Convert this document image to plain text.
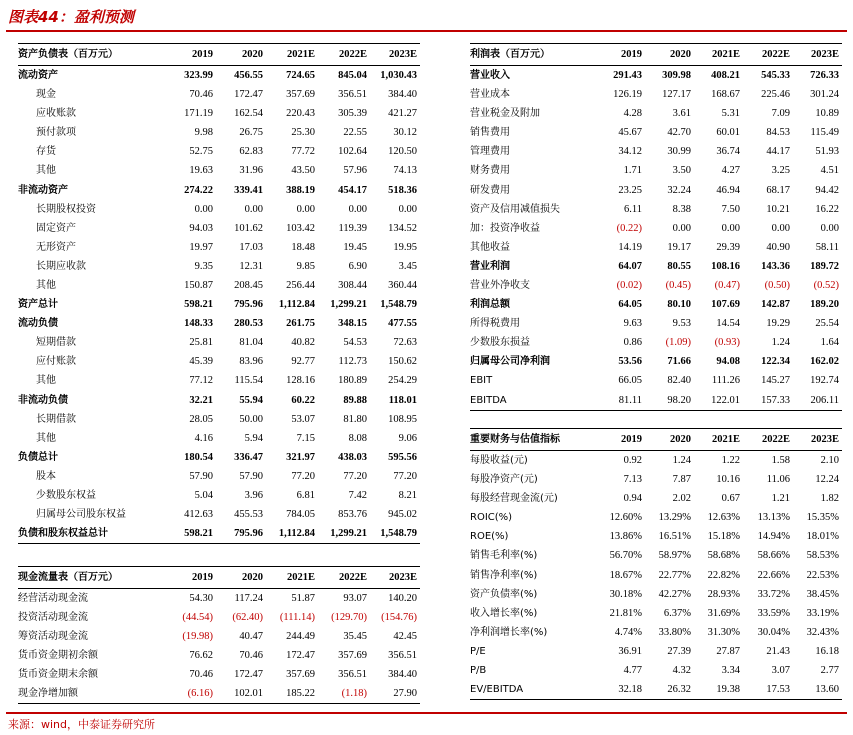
图表44：盈利预测
资产负债表（百万元）	2019	2020	2021E	2022E	2023E
流动资产	323.99	456.55	724.65	845.04	1,030.43
现金	70.46	172.47	357.69	356.51	384.40
应收账款	171.19	162.54	220.43	305.39	421.27
预付款项	9.98	26.75	25.30	22.55	30.12
存货	52.75	62.83	77.72	102.64	120.50
其他	19.63	31.96	43.50	57.96	74.13
非流动资产	274.22	339.41	388.19	454.17	518.36
长期股权投资	0.00	0.00	0.00	0.00	0.00
固定资产	94.03	101.62	103.42	119.39	134.52
无形资产	19.97	17.03	18.48	19.45	19.95
长期应收款	9.35	12.31	9.85	6.90	3.45
其他	150.87	208.45	256.44	308.44	360.44
资产总计	598.21	795.96	1,112.84	1,299.21	1,548.79
流动负债	148.33	280.53	261.75	348.15	477.55
短期借款	25.81	81.04	40.82	54.53	72.63
应付账款	45.39	83.96	92.77	112.73	150.62
其他	77.12	115.54	128.16	180.89	254.29
非流动负债	32.21	55.94	60.22	89.88	118.01
长期借款	28.05	50.00	53.07	81.80	108.95
其他	4.16	5.94	7.15	8.08	9.06
负债总计	180.54	336.47	321.97	438.03	595.56
股本	57.90	57.90	77.20	77.20	77.20
少数股东权益	5.04	3.96	6.81	7.42	8.21
归属母公司股东权益	412.63	455.53	784.05	853.76	945.02
负债和股东权益总计	598.21	795.96	1,112.84	1,299.21	1,548.79
现金流量表（百万元）	2019	2020	2021E	2022E	2023E
经营活动现金流	54.30	117.24	51.87	93.07	140.20
投资活动现金流	(44.54)	(62.40)	(111.14)	(129.70)	(154.76)
筹资活动现金流	(19.98)	40.47	244.49	35.45	42.45
货币资金期初余额	76.62	70.46	172.47	357.69	356.51
货币资金期末余额	70.46	172.47	357.69	356.51	384.40
现金净增加额	(6.16)	102.01	185.22	(1.18)	27.90
利润表（百万元）	2019	2020	2021E	2022E	2023E
营业收入	291.43	309.98	408.21	545.33	726.33
营业成本	126.19	127.17	168.67	225.46	301.24
营业税金及附加	4.28	3.61	5.31	7.09	10.89
销售费用	45.67	42.70	60.01	84.53	115.49
管理费用	34.12	30.99	36.74	44.17	51.93
财务费用	1.71	3.50	4.27	3.25	4.51
研发费用	23.25	32.24	46.94	68.17	94.42
资产及信用减值损失	6.11	8.38	7.50	10.21	16.22
加：投资净收益	(0.22)	0.00	0.00	0.00	0.00
其他收益	14.19	19.17	29.39	40.90	58.11
营业利润	64.07	80.55	108.16	143.36	189.72
营业外净收支	(0.02)	(0.45)	(0.47)	(0.50)	(0.52)
利润总额	64.05	80.10	107.69	142.87	189.20
所得税费用	9.63	9.53	14.54	19.29	25.54
少数股东损益	0.86	(1.09)	(0.93)	1.24	1.64
归属母公司净利润	53.56	71.66	94.08	122.34	162.02
EBIT	66.05	82.40	111.26	145.27	192.74
EBITDA	81.11	98.20	122.01	157.33	206.11
重要财务与估值指标	2019	2020	2021E	2022E	2023E
每股收益(元)	0.92	1.24	1.22	1.58	2.10
每股净资产(元)	7.13	7.87	10.16	11.06	12.24
每股经营现金流(元)	0.94	2.02	0.67	1.21	1.82
ROIC(%)	12.60%	13.29%	12.63%	13.13%	15.35%
ROE(%)	13.86%	16.51%	15.18%	14.94%	18.01%
销售毛利率(%)	56.70%	58.97%	58.68%	58.66%	58.53%
销售净利率(%)	18.67%	22.77%	22.82%	22.66%	22.53%
资产负债率(%)	30.18%	42.27%	28.93%	33.72%	38.45%
收入增长率(%)	21.81%	6.37%	31.69%	33.59%	33.19%
净利润增长率(%)	4.74%	33.80%	31.30%	30.04%	32.43%
P/E	36.91	27.39	27.87	21.43	16.18
P/B	4.77	4.32	3.34	3.07	2.77
EV/EBITDA	32.18	26.32	19.38	17.53	13.60
来源：wind，中泰证券研究所
